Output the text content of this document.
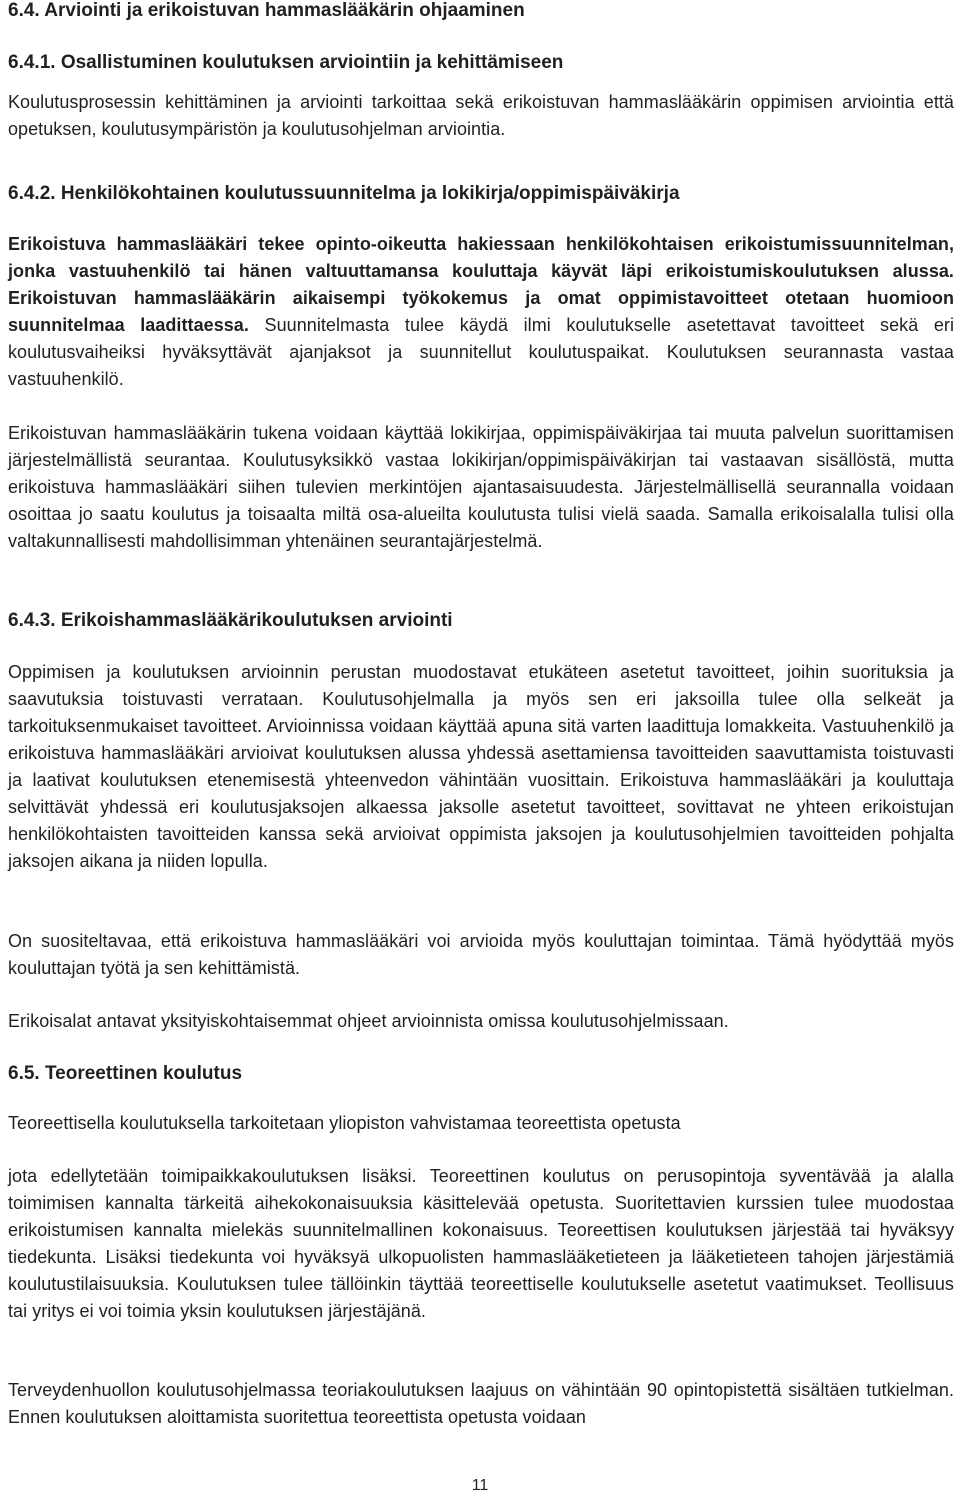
6.4. Arviointi ja erikoistuvan hammaslääkärin ohjaaminen
6.4.1. Osallistuminen koulutuksen arviointiin ja kehittämiseen

Koulutusprosessin kehittäminen ja arviointi tarkoittaa sekä erikoistuvan hammaslääkärin oppimisen arviointia että opetuksen, koulutusympäristön ja koulutusohjelman arviointia.

6.4.2. Henkilökohtainen koulutussuunnitelma ja lokikirja/oppimispäiväkirja

Erikoistuva hammaslääkäri tekee opinto-oikeutta hakiessaan henkilökohtaisen erikoistumissuunnitelman, jonka vastuuhenkilö tai hänen valtuuttamansa kouluttaja käyvät läpi erikoistumiskoulutuksen alussa. Erikoistuvan hammaslääkärin aikaisempi työkokemus ja omat oppimistavoitteet otetaan huomioon suunnitelmaa laadittaessa. Suunnitelmasta tulee käydä ilmi koulutukselle asetettavat tavoitteet sekä eri koulutusvaiheiksi hyväksyttävät ajanjaksot ja suunnitellut koulutuspaikat. Koulutuksen seurannasta vastaa vastuuhenkilö.

Erikoistuvan hammaslääkärin tukena voidaan käyttää lokikirjaa, oppimispäiväkirjaa tai muuta palvelun suorittamisen järjestelmällistä seurantaa. Koulutusyksikkö vastaa lokikirjan/oppimispäiväkirjan tai vastaavan sisällöstä, mutta erikoistuva hammaslääkäri siihen tulevien merkintöjen ajantasaisuudesta. Järjestelmällisellä seurannalla voidaan osoittaa jo saatu koulutus ja toisaalta miltä osa-alueilta koulutusta tulisi vielä saada. Samalla erikoisalalla tulisi olla valtakunnallisesti mahdollisimman yhtenäinen seurantajärjestelmä.

6.4.3. Erikoishammaslääkärikoulutuksen arviointi

Oppimisen ja koulutuksen arvioinnin perustan muodostavat etukäteen asetetut tavoitteet, joihin suorituksia ja saavutuksia toistuvasti verrataan. Koulutusohjelmalla ja myös sen eri jaksoilla tulee olla selkeät ja tarkoituksenmukaiset tavoitteet. Arvioinnissa voidaan käyttää apuna sitä varten laadittuja lomakkeita. Vastuuhenkilö ja erikoistuva hammaslääkäri arvioivat koulutuksen alussa yhdessä asettamiensa tavoitteiden saavuttamista toistuvasti ja laativat koulutuksen etenemisestä yhteenvedon vähintään vuosittain. Erikoistuva hammaslääkäri ja kouluttaja selvittävät yhdessä eri koulutusjaksojen alkaessa jaksolle asetetut tavoitteet, sovittavat ne yhteen erikoistujan henkilökohtaisten tavoitteiden kanssa sekä arvioivat oppimista jaksojen ja koulutusohjelmien tavoitteiden pohjalta jaksojen aikana ja niiden lopulla.

On suositeltavaa, että erikoistuva hammaslääkäri voi arvioida myös kouluttajan toimintaa. Tämä hyödyttää myös kouluttajan työtä ja sen kehittämistä.

Erikoisalat antavat yksityiskohtaisemmat ohjeet arvioinnista omissa koulutusohjelmissaan.

6.5. Teoreettinen koulutus

Teoreettisella koulutuksella tarkoitetaan yliopiston vahvistamaa teoreettista opetusta

jota edellytetään toimipaikkakoulutuksen lisäksi. Teoreettinen koulutus on perusopintoja syventävää ja alalla toimimisen kannalta tärkeitä aihekokonaisuuksia käsittelevää opetusta. Suoritettavien kurssien tulee muodostaa erikoistumisen kannalta mielekäs suunnitelmallinen kokonaisuus. Teoreettisen koulutuksen järjestää tai hyväksyy tiedekunta. Lisäksi tiedekunta voi hyväksyä ulkopuolisten hammaslääketieteen ja lääketieteen tahojen järjestämiä koulutustilaisuuksia. Koulutuksen tulee tällöinkin täyttää teoreettiselle koulutukselle asetetut vaatimukset. Teollisuus tai yritys ei voi toimia yksin koulutuksen järjestäjänä.

Terveydenhuollon koulutusohjelmassa teoriakoulutuksen laajuus on vähintään 90 opintopistettä sisältäen tutkielman. Ennen koulutuksen aloittamista suoritettua teoreettista opetusta voidaan

11
